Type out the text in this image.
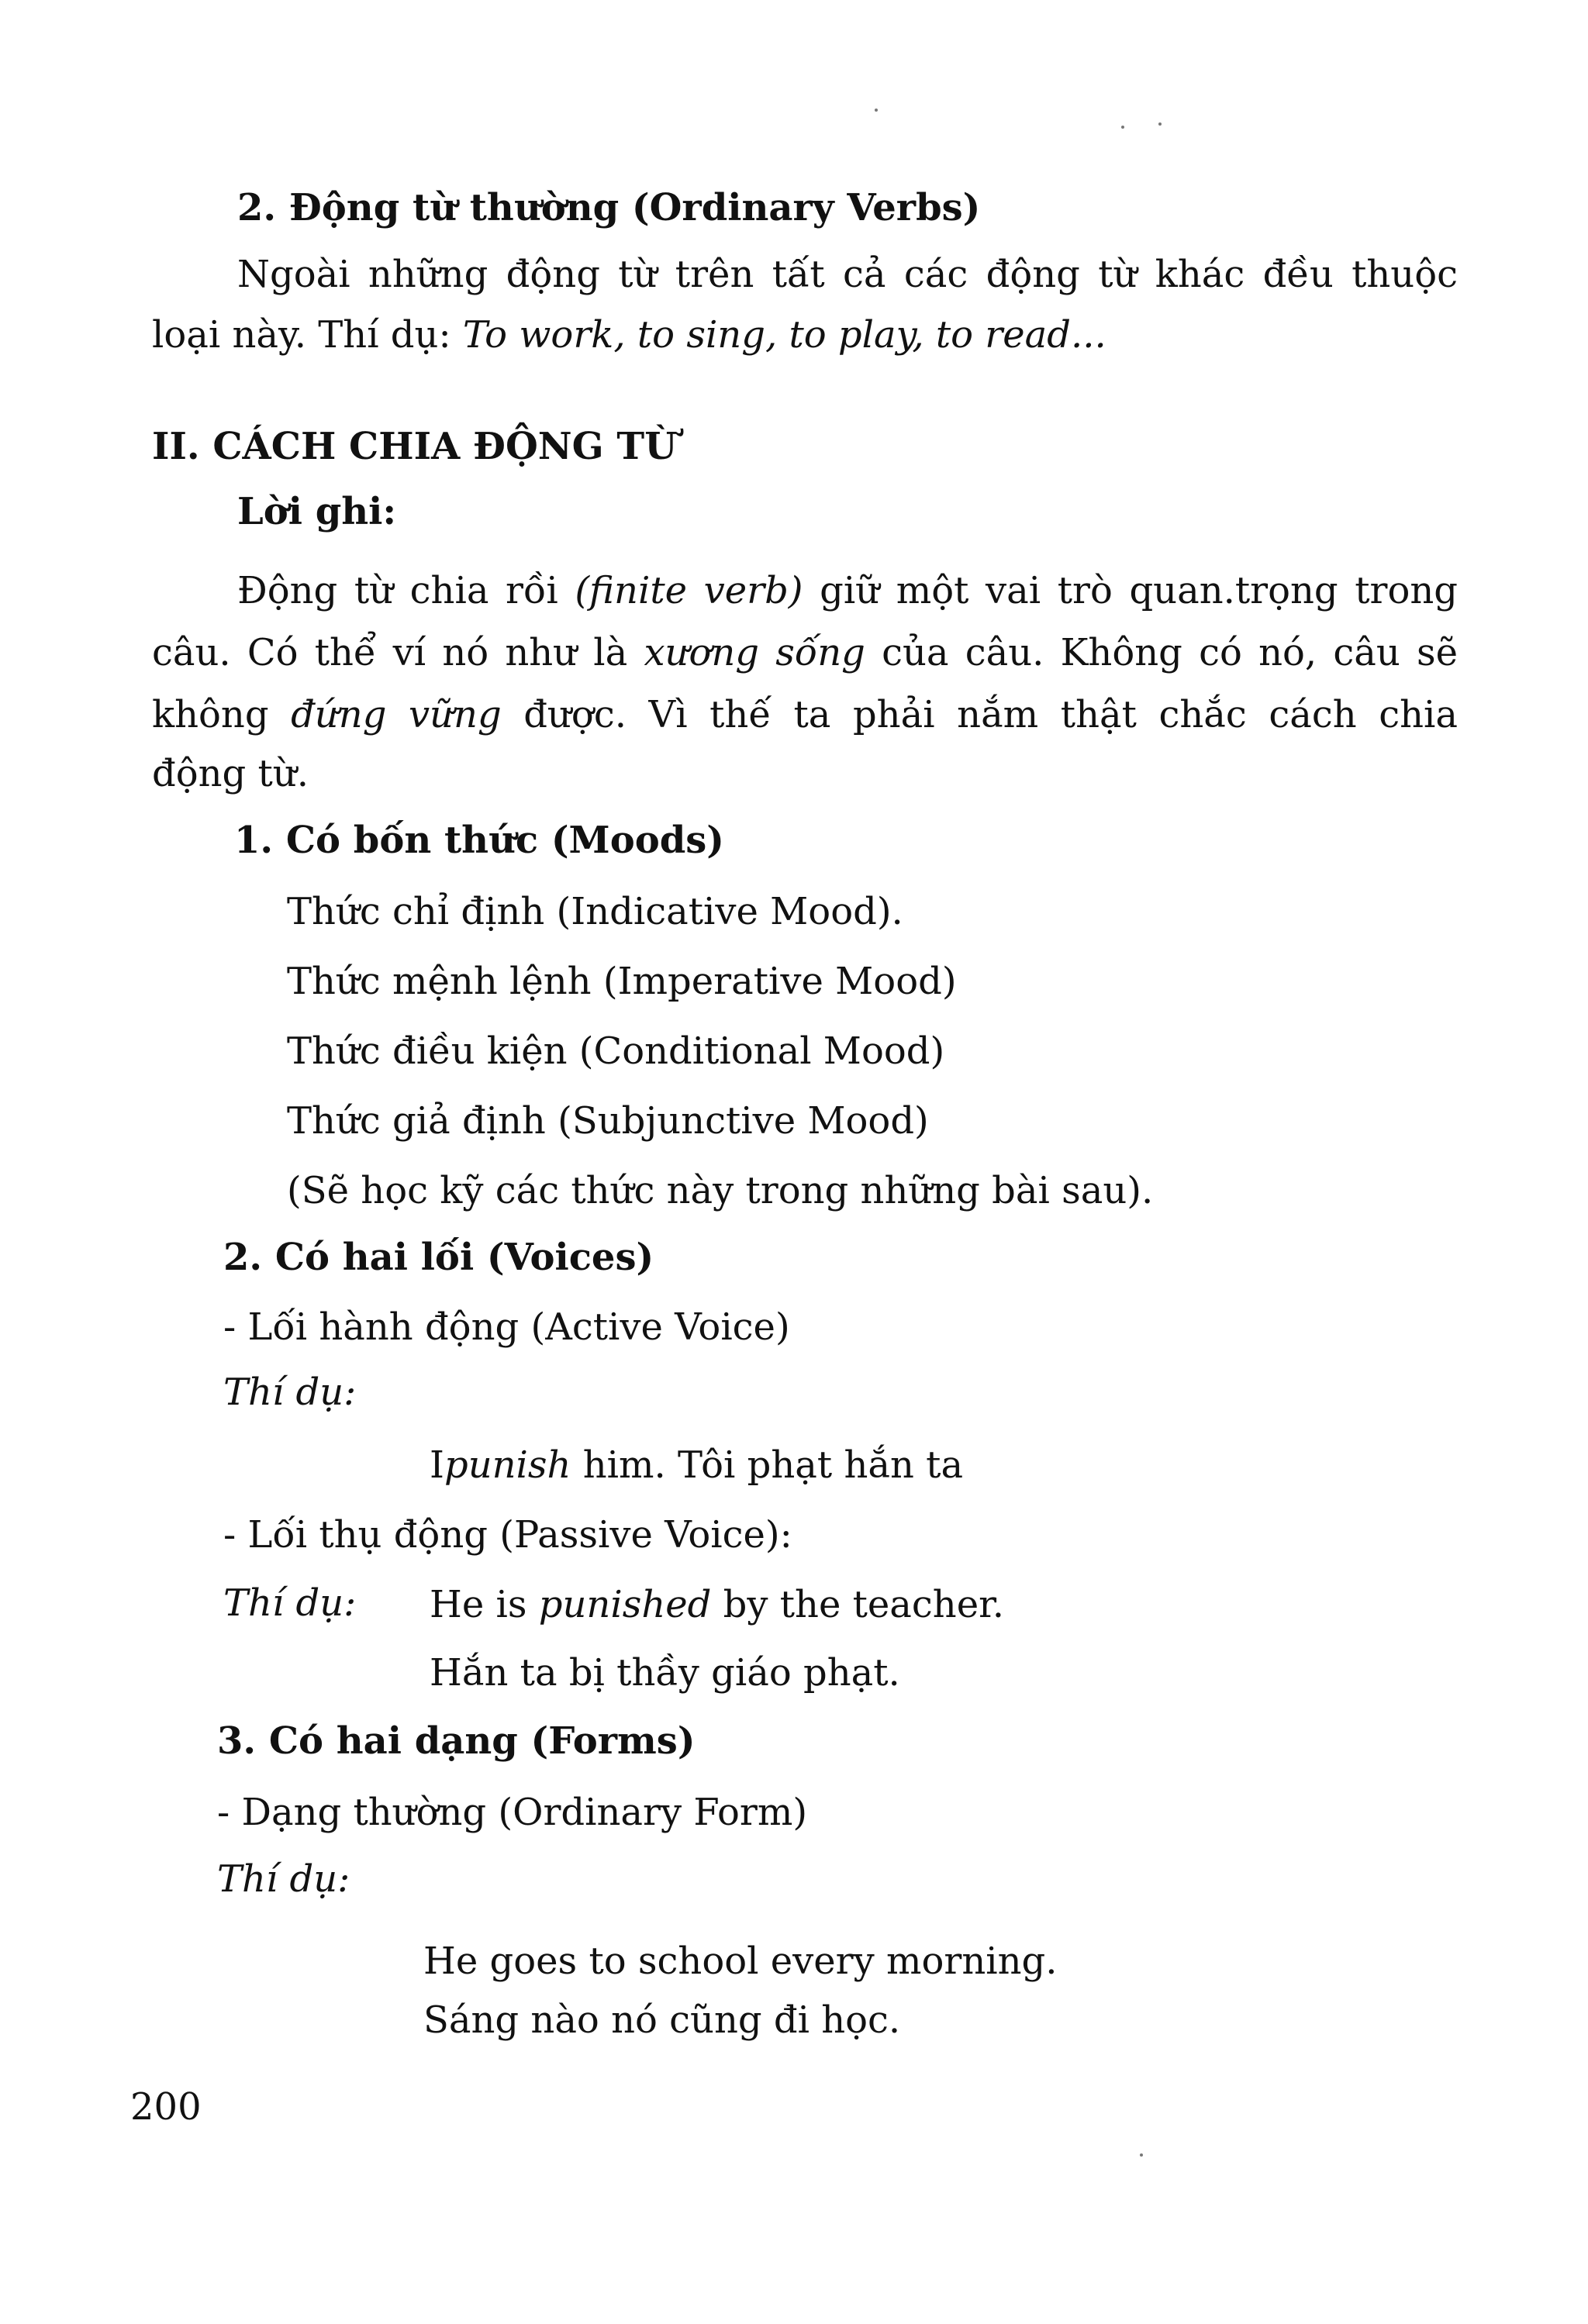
2. Động từ thường (Ordinary Verbs)
Ngoài những động từ trên tất cả các động từ khác đều thuộc
loại này. Thí dụ: To work, to sing, to play, to read...
II. CÁCH CHIA ĐỘNG TỪ
Lời ghi:
Động từ chia rồi (finite verb) giữ một vai trò quan.trọng trong
câu. Có thể ví nó như là xương sống của câu. Không có nó, câu sẽ
không đứng vững được. Vì thế ta phải nắm thật chắc cách chia
động từ.
1. Có bốn thức (Moods)
Thức chỉ định (Indicative Mood).
Thức mệnh lệnh (Imperative Mood)
Thức điều kiện (Conditional Mood)
Thức giả định (Subjunctive Mood)
(Sẽ học kỹ các thức này trong những bài sau).
2. Có hai lối (Voices)
- Lối hành động (Active Voice)
Thí dụ:
Ipunish him. Tôi phạt hắn ta
- Lối thụ động (Passive Voice):
Thí dụ: He is punished by the teacher.
Hắn ta bị thầy giáo phạt.
3. Có hai dạng (Forms)
- Dạng thường (Ordinary Form)
Thí dụ:
He goes to school every morning.
Sáng nào nó cũng đi học.
200
